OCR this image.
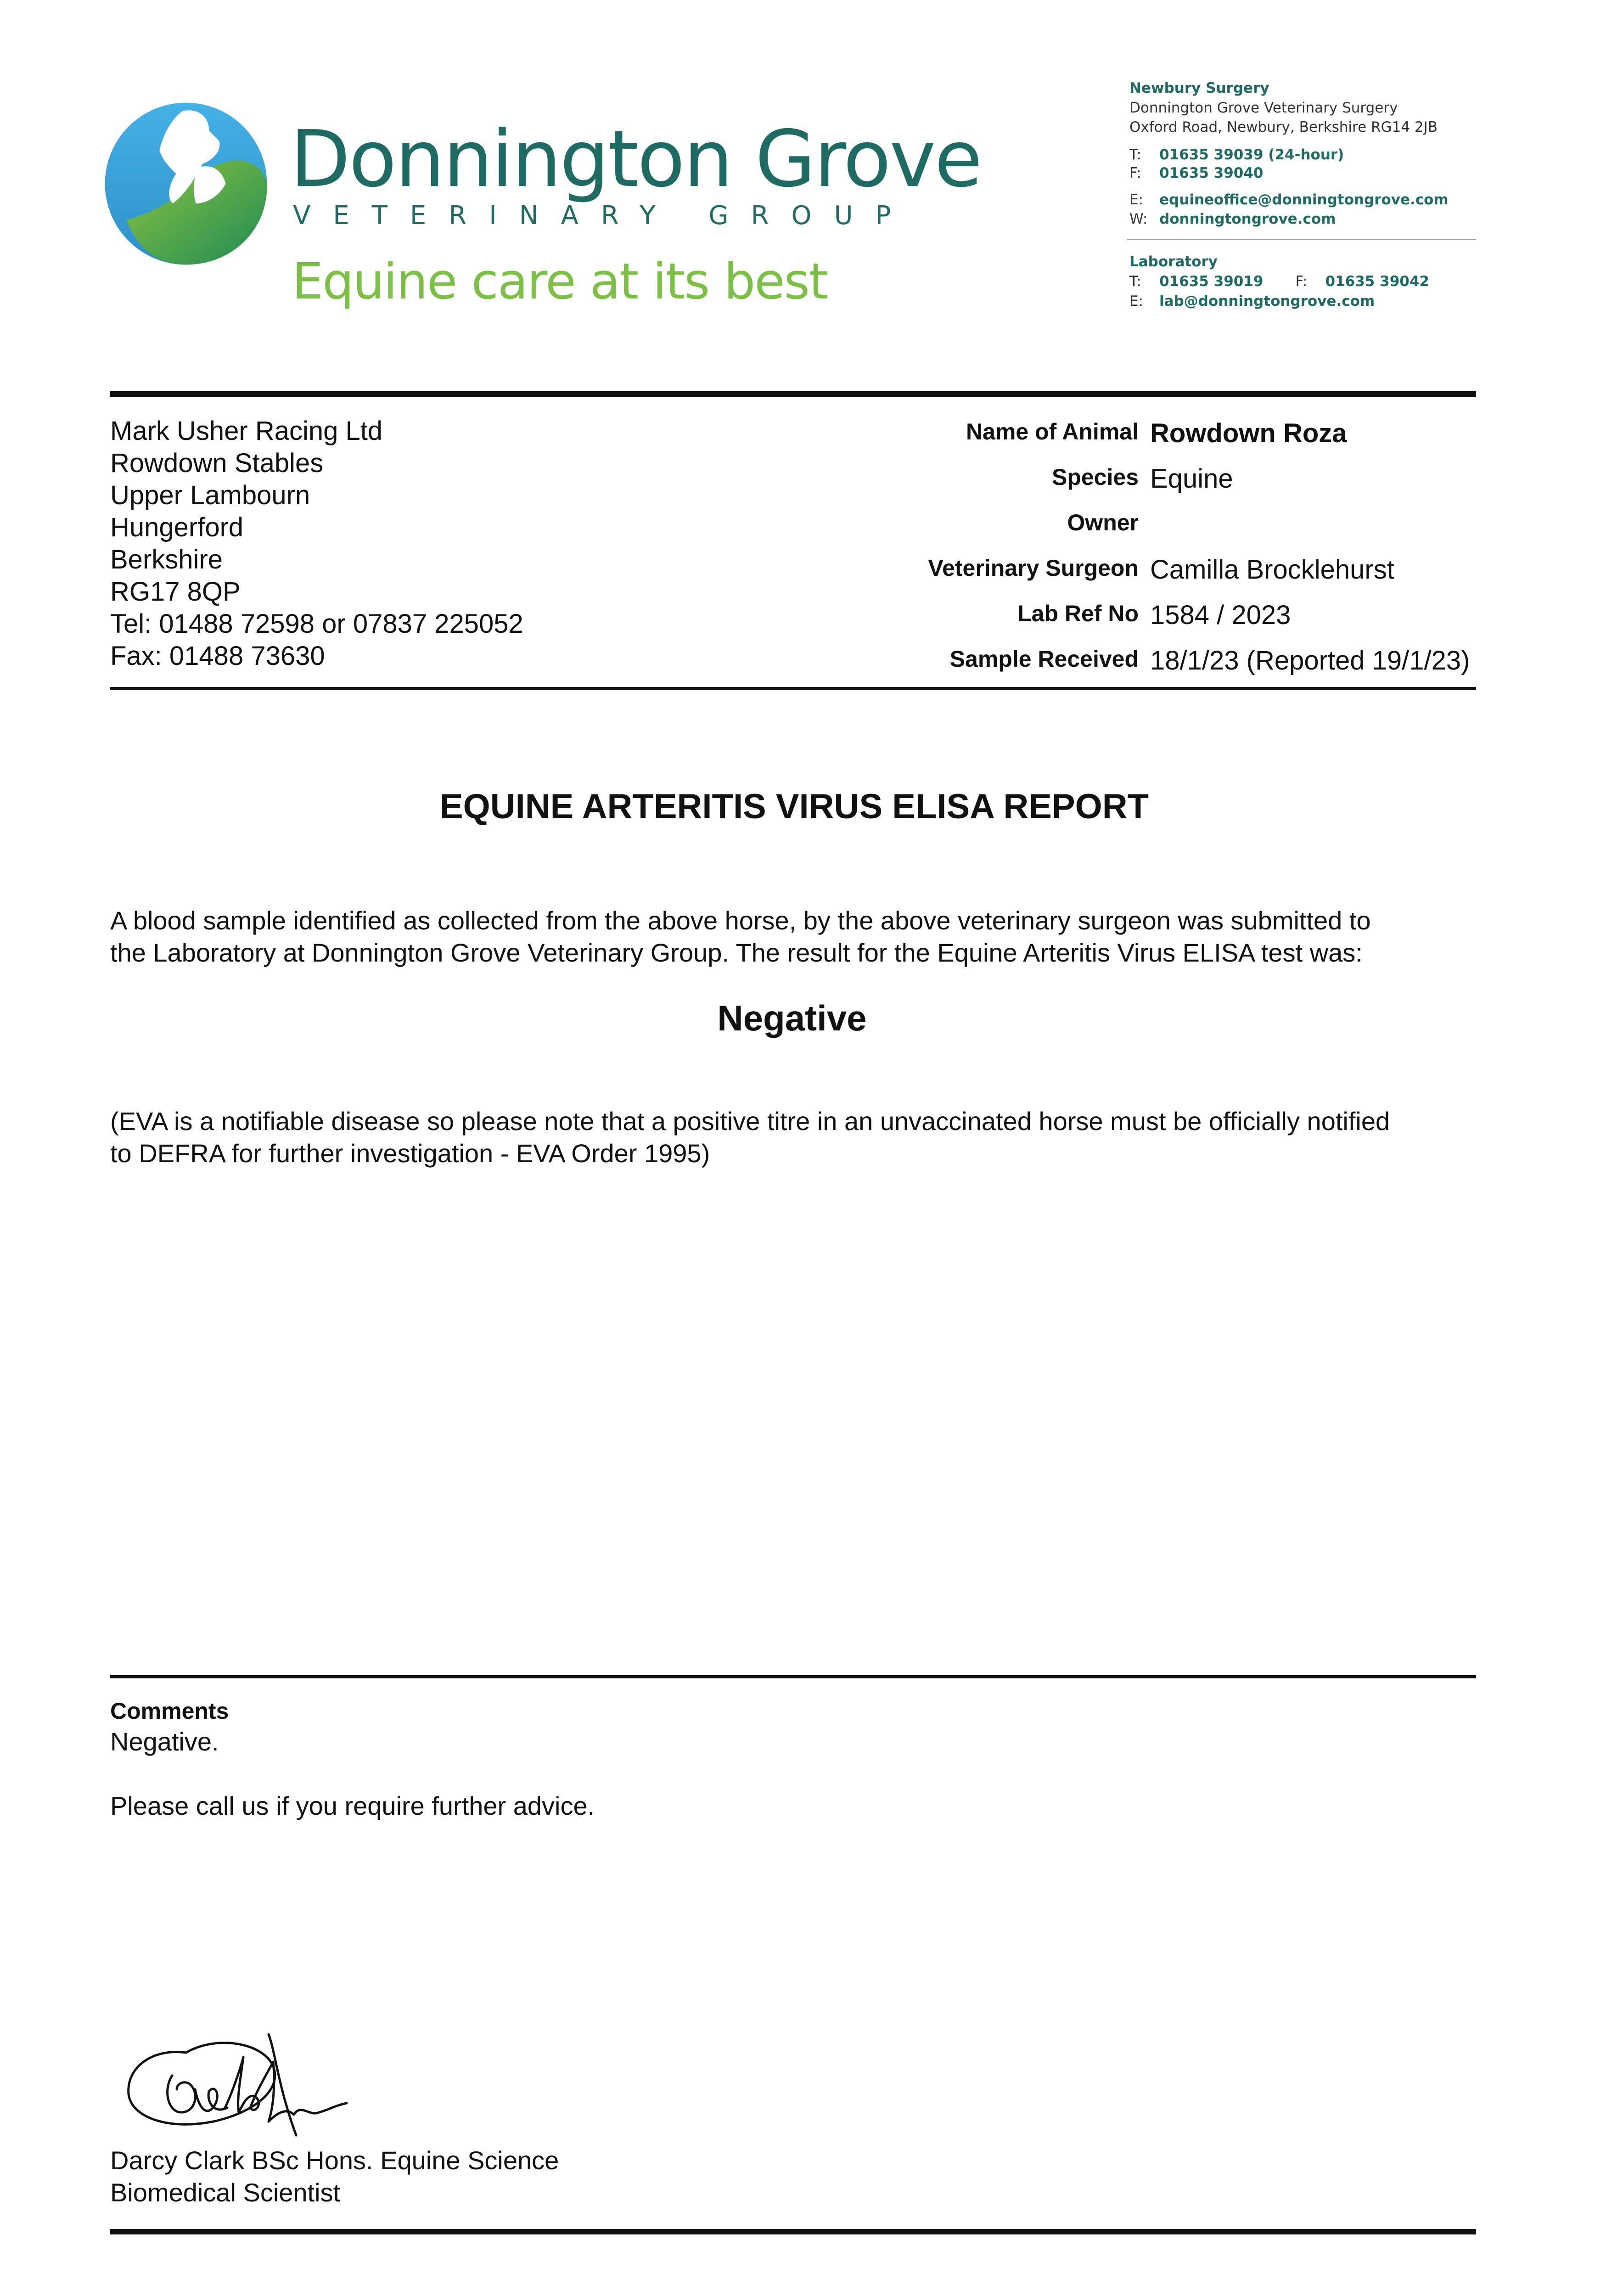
Donnington Grove
VETERINARY GROUP
Equine care at its best
Newbury Surgery
Donnington Grove Veterinary Surgery
Oxford Road, Newbury, Berkshire RG14 2JB
T: 01635 39039 (24-hour)
F: 01635 39040
E: equineoffice@donningtongrove.com
W: donningtongrove.com
Laboratory
T: 01635 39019 F: 01635 39042
E: lab@donningtongrove.com
Mark Usher Racing Ltd
Rowdown Stables
Upper Lambourn
Hungerford
Berkshire
RG17 8QP
Tel: 01488 72598 or 07837 225052
Fax: 01488 73630
Name of Animal Rowdown Roza
Species Equine
Owner
Veterinary Surgeon Camilla Brocklehurst
Lab Ref No 1584 / 2023
Sample Received 18/1/23 (Reported 19/1/23)
EQUINE ARTERITIS VIRUS ELISA REPORT
A blood sample identified as collected from the above horse, by the above veterinary surgeon was submitted to
the Laboratory at Donnington Grove Veterinary Group. The result for the Equine Arteritis Virus ELISA test was:
Negative
(EVA is a notifiable disease so please note that a positive titre in an unvaccinated horse must be officially notified
to DEFRA for further investigation - EVA Order 1995)
Comments
Negative.
Please call us if you require further advice.
Darcy Clark BSc Hons. Equine Science
Biomedical Scientist
